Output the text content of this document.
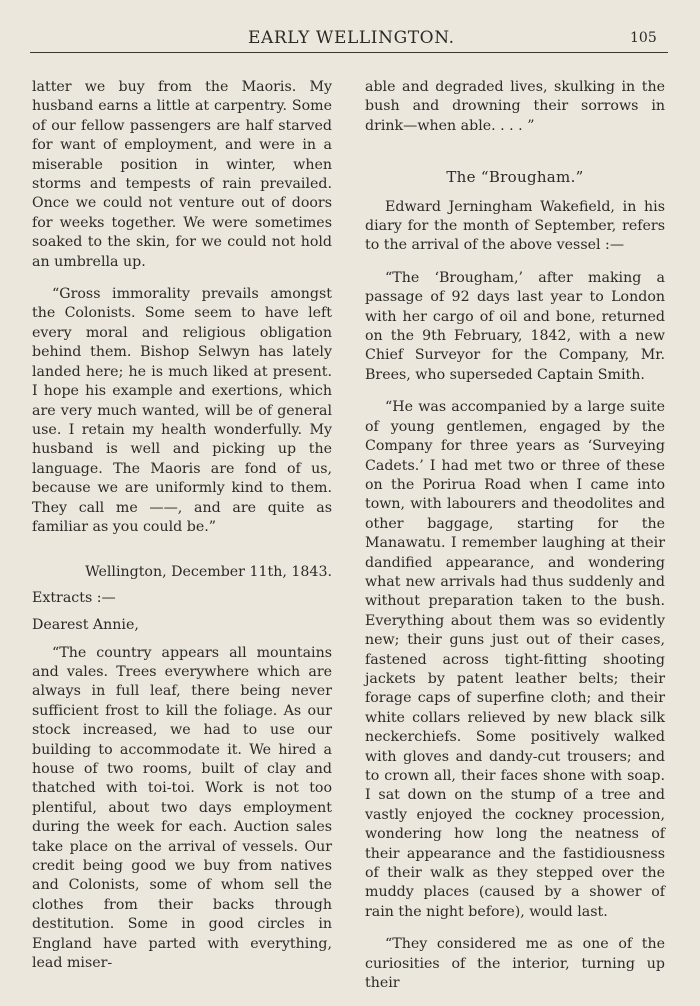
EARLY WELLINGTON.	105

latter we buy from the Maoris. My husband earns a little at carpentry. Some of our fellow passengers are half starved for want of employment, and were in a miserable position in winter, when storms and tempests of rain prevailed. Once we could not venture out of doors for weeks together. We were sometimes soaked to the skin, for we could not hold an umbrella up.

“Gross immorality prevails amongst the Colonists. Some seem to have left every moral and religious obligation behind them. Bishop Selwyn has lately landed here; he is much liked at present. I hope his example and exertions, which are very much wanted, will be of general use. I retain my health wonderfully. My husband is well and picking up the language. The Maoris are fond of us, because we are uniformly kind to them. They call me ——, and are quite as familiar as you could be.”

Wellington, December 11th, 1843.

Extracts :—

Dearest Annie,

“The country appears all mountains and vales. Trees everywhere which are always in full leaf, there being never sufficient frost to kill the foliage. As our stock increased, we had to use our building to accommodate it. We hired a house of two rooms, built of clay and thatched with toi-toi. Work is not too plentiful, about two days employment during the week for each. Auction sales take place on the arrival of vessels. Our credit being good we buy from natives and Colonists, some of whom sell the clothes from their backs through destitution. Some in good circles in England have parted with everything, lead miser-

able and degraded lives, skulking in the bush and drowning their sorrows in drink—when able. . . . ”

The “Brougham.”

Edward Jerningham Wakefield, in his diary for the month of September, refers to the arrival of the above vessel :—

“The ‘Brougham,’ after making a passage of 92 days last year to London with her cargo of oil and bone, returned on the 9th February, 1842, with a new Chief Surveyor for the Company, Mr. Brees, who superseded Captain Smith.

“He was accompanied by a large suite of young gentlemen, engaged by the Company for three years as ‘Surveying Cadets.’ I had met two or three of these on the Porirua Road when I came into town, with labourers and theodolites and other baggage, starting for the Manawatu. I remember laughing at their dandified appearance, and wondering what new arrivals had thus suddenly and without preparation taken to the bush. Everything about them was so evidently new; their guns just out of their cases, fastened across tight-fitting shooting jackets by patent leather belts; their forage caps of superfine cloth; and their white collars relieved by new black silk neckerchiefs. Some positively walked with gloves and dandy-cut trousers; and to crown all, their faces shone with soap. I sat down on the stump of a tree and vastly enjoyed the cockney procession, wondering how long the neatness of their appearance and the fastidiousness of their walk as they stepped over the muddy places (caused by a shower of rain the night before), would last.

“They considered me as one of the curiosities of the interior, turning up their
